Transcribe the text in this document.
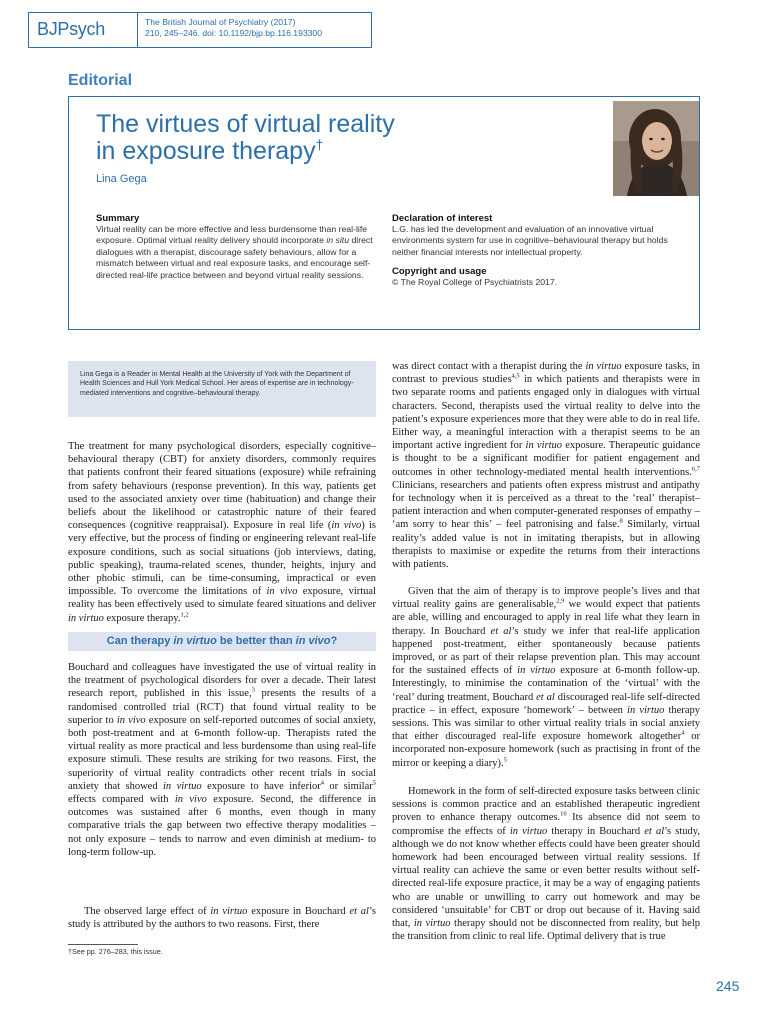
BJPsych	The British Journal of Psychiatry (2017)
210, 245–246. doi: 10.1192/bjp.bp.116.193300
Editorial
The virtues of virtual reality
in exposure therapy†
Lina Gega
Summary
Virtual reality can be more effective and less burdensome than real-life exposure. Optimal virtual reality delivery should incorporate in situ direct dialogues with a therapist, discourage safety behaviours, allow for a mismatch between virtual and real exposure tasks, and encourage self-directed real-life practice between and beyond virtual reality sessions.
Declaration of interest
L.G. has led the development and evaluation of an innovative virtual environments system for use in cognitive–behavioural therapy but holds neither financial interests nor intellectual property.
Copyright and usage
© The Royal College of Psychiatrists 2017.
Lina Gega is a Reader in Mental Health at the University of York with the Department of Health Sciences and Hull York Medical School. Her areas of expertise are in technology-mediated interventions and cognitive–behavioural therapy.
The treatment for many psychological disorders, especially cognitive–behavioural therapy (CBT) for anxiety disorders, commonly requires that patients confront their feared situations (exposure) while refraining from safety behaviours (response prevention). In this way, patients get used to the associated anxiety over time (habituation) and change their beliefs about the likelihood or catastrophic nature of their feared consequences (cognitive reappraisal). Exposure in real life (in vivo) is very effective, but the process of finding or engineering relevant real-life exposure conditions, such as social situations (job interviews, dating, public speaking), trauma-related scenes, thunder, heights, injury and other phobic stimuli, can be time-consuming, impractical or even impossible. To overcome the limitations of in vivo exposure, virtual reality has been effectively used to simulate feared situations and deliver in virtuo exposure therapy.$^{1,2}$
Can therapy in virtuo be better than in vivo?
Bouchard and colleagues have investigated the use of virtual reality in the treatment of psychological disorders for over a decade. Their latest research report, published in this issue,$^3$ presents the results of a randomised controlled trial (RCT) that found virtual reality to be superior to in vivo exposure on self-reported outcomes of social anxiety, both post-treatment and at 6-month follow-up. Therapists rated the virtual reality as more practical and less burdensome than using real-life exposure stimuli. These results are striking for two reasons. First, the superiority of virtual reality contradicts other recent trials in social anxiety that showed in virtuo exposure to have inferior$^4$ or similar$^5$ effects compared with in vivo exposure. Second, the difference in outcomes was sustained after 6 months, even though in many comparative trials the gap between two effective therapy modalities – not only exposure – tends to narrow and even diminish at medium- to long-term follow-up.
The observed large effect of in virtuo exposure in Bouchard et al’s study is attributed by the authors to two reasons. First, there
†See pp. 276–283, this issue.
was direct contact with a therapist during the in virtuo exposure tasks, in contrast to previous studies$^{4,5}$ in which patients and therapists were in two separate rooms and patients engaged only in dialogues with virtual characters. Second, therapists used the virtual reality to delve into the patient’s exposure experiences more that they were able to do in real life. Either way, a meaningful interaction with a therapist seems to be an important active ingredient for in virtuo exposure. Therapeutic guidance is thought to be a significant modifier for patient engagement and outcomes in other technology-mediated mental health interventions.$^{6,7}$ Clinicians, researchers and patients often express mistrust and antipathy for technology when it is perceived as a threat to the ‘real’ therapist–patient interaction and when computer-generated responses of empathy – ‘am sorry to hear this’ – feel patronising and false.$^8$ Similarly, virtual reality’s added value is not in imitating therapists, but in allowing therapists to maximise or expedite the returns from their interactions with patients.
Given that the aim of therapy is to improve people’s lives and that virtual reality gains are generalisable,$^{2,9}$ we would expect that patients are able, willing and encouraged to apply in real life what they learn in therapy. In Bouchard et al’s study we infer that real-life application happened post-treatment, either spontaneously because patients improved, or as part of their relapse prevention plan. This may account for the sustained effects of in virtuo exposure at 6-month follow-up. Interestingly, to minimise the contamination of the ‘virtual’ with the ‘real’ during treatment, Bouchard et al discouraged real-life self-directed practice – in effect, exposure ‘homework’ – between in virtuo therapy sessions. This was similar to other virtual reality trials in social anxiety that either discouraged real-life exposure homework altogether$^4$ or incorporated non-exposure homework (such as practising in front of the mirror or keeping a diary).$^5$
Homework in the form of self-directed exposure tasks between clinic sessions is common practice and an established therapeutic ingredient proven to enhance therapy outcomes.$^{10}$ Its absence did not seem to compromise the effects of in virtuo therapy in Bouchard et al’s study, although we do not know whether effects could have been greater should homework had been encouraged between virtual reality sessions. If virtual reality can achieve the same or even better results without self-directed real-life exposure practice, it may be a way of engaging patients who are unable or unwilling to carry out homework and may be considered ‘unsuitable’ for CBT or drop out because of it. Having said that, in virtuo therapy should not be disconnected from reality, but help the transition from clinic to real life. Optimal delivery that is true
245
